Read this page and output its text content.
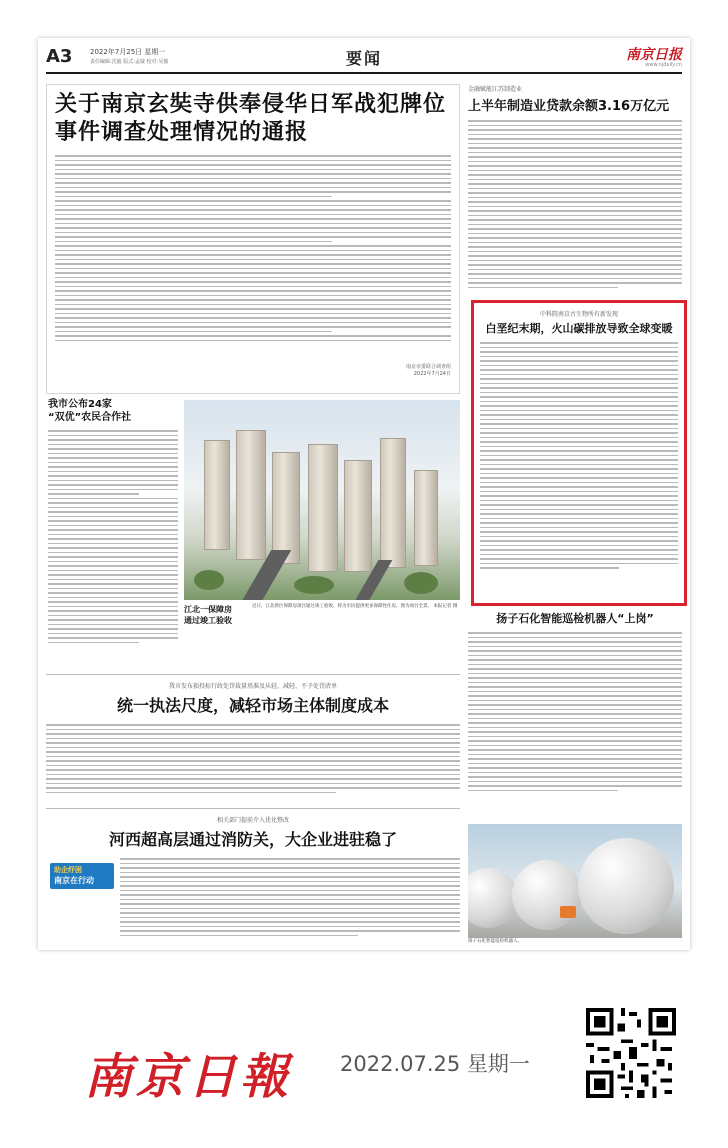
A3	2022年7月25日 星期一
责任编辑:沈毅 版式:孟璇 校对:吴薇	要闻	南京日报
www.njdaily.cn
关于南京玄奘寺供奉侵华日军战犯牌位事件调查处理情况的通报
南京市委联合调查组
2022年7月24日
我市公布24家
“双优”农民合作社
江北一保障房
通过竣工验收
近日，江北新区保障房项目通过竣工验收，将为市民提供更多保障性住房。图为项目全景。 本报记者 摄
金融赋能江苏制造业
上半年制造业贷款余额3.16万亿元
中科院南京古生物所有新发现
白垩纪末期，火山碳排放导致全球变暖
扬子石化智能巡检机器人“上岗”
我市发布损投标行政处罚裁量基准及从轻、减轻、不予处罚清单
统一执法尺度，减轻市场主体制度成本
相关部门提前介入优化整改
河西超高层通过消防关，大企业进驻稳了
助企纾困
南京在行动
扬子石化智能巡检机器人。
南京日報 2022.07.25 星期一
